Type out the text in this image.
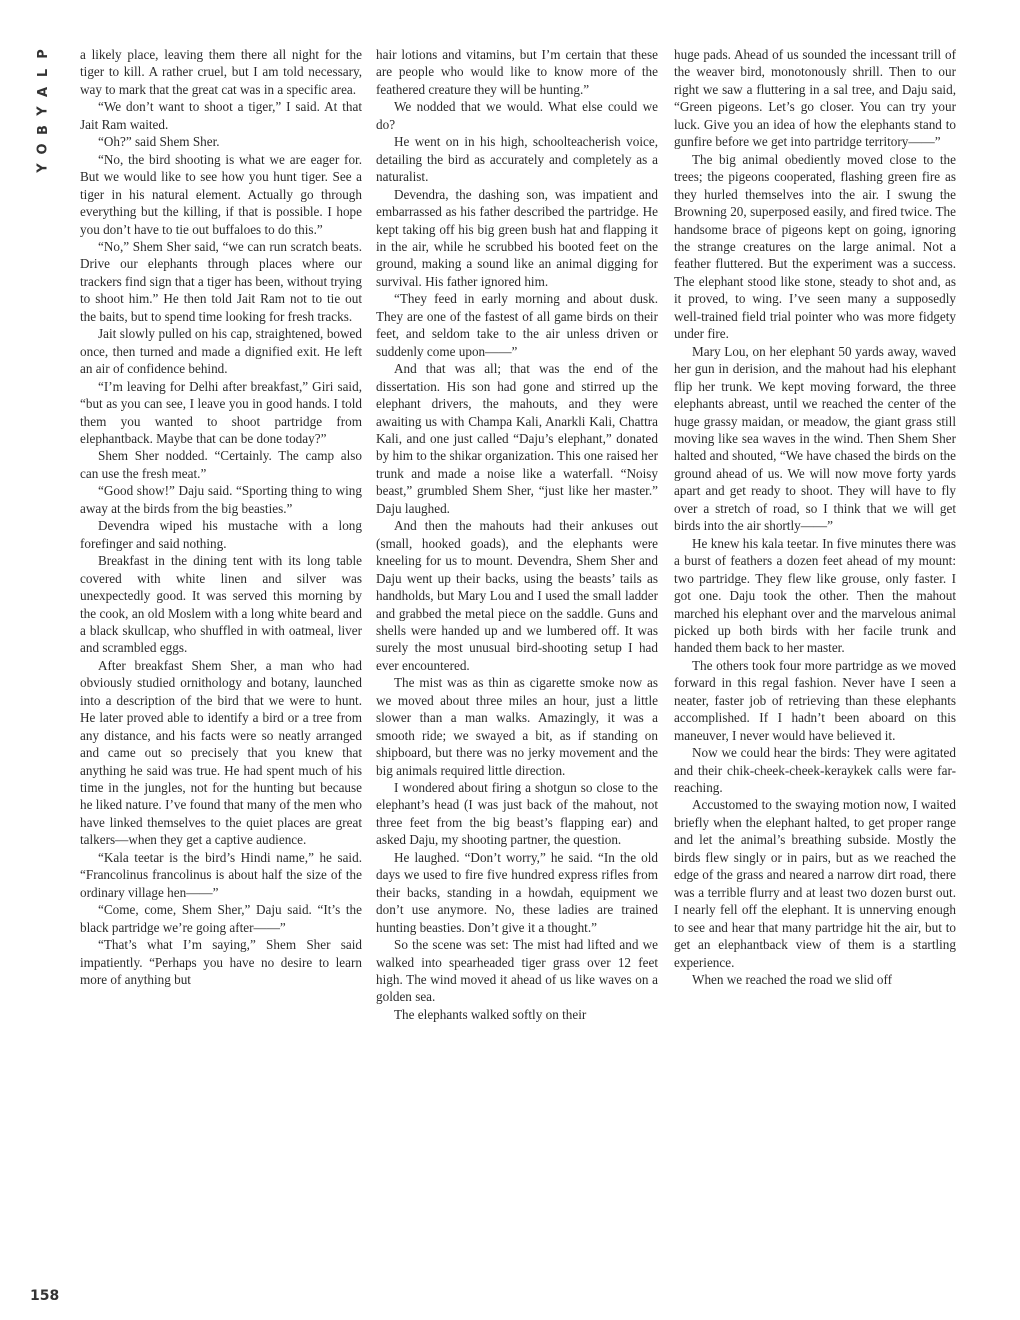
P
L
A
Y
B
O
Y

a likely place, leaving them there all night for the tiger to kill. A rather cruel, but I am told necessary, way to mark that the great cat was in a specific area.

“We don’t want to shoot a tiger,” I said. At that Jait Ram waited.

“Oh?” said Shem Sher.

“No, the bird shooting is what we are eager for. But we would like to see how you hunt tiger. See a tiger in his natural element. Actually go through everything but the killing, if that is possible. I hope you don’t have to tie out buffaloes to do this.”

“No,” Shem Sher said, “we can run scratch beats. Drive our elephants through places where our trackers find sign that a tiger has been, without trying to shoot him.” He then told Jait Ram not to tie out the baits, but to spend time looking for fresh tracks.

Jait slowly pulled on his cap, straightened, bowed once, then turned and made a dignified exit. He left an air of confidence behind.

“I’m leaving for Delhi after breakfast,” Giri said, “but as you can see, I leave you in good hands. I told them you wanted to shoot partridge from elephantback. Maybe that can be done today?”

Shem Sher nodded. “Certainly. The camp also can use the fresh meat.”

“Good show!” Daju said. “Sporting thing to wing away at the birds from the big beasties.”

Devendra wiped his mustache with a long forefinger and said nothing.

Breakfast in the dining tent with its long table covered with white linen and silver was unexpectedly good. It was served this morning by the cook, an old Moslem with a long white beard and a black skullcap, who shuffled in with oatmeal, liver and scrambled eggs.

After breakfast Shem Sher, a man who had obviously studied ornithology and botany, launched into a description of the bird that we were to hunt. He later proved able to identify a bird or a tree from any distance, and his facts were so neatly arranged and came out so precisely that you knew that anything he said was true. He had spent much of his time in the jungles, not for the hunting but because he liked nature. I’ve found that many of the men who have linked themselves to the quiet places are great talkers—when they get a captive audience.

“Kala teetar is the bird’s Hindi name,” he said. “Francolinus francolinus is about half the size of the ordinary village hen——”

“Come, come, Shem Sher,” Daju said. “It’s the black partridge we’re going after——”

“That’s what I’m saying,” Shem Sher said impatiently. “Perhaps you have no desire to learn more of anything but

hair lotions and vitamins, but I’m certain that these are people who would like to know more of the feathered creature they will be hunting.”

We nodded that we would. What else could we do?

He went on in his high, schoolteacherish voice, detailing the bird as accurately and completely as a naturalist.

Devendra, the dashing son, was impatient and embarrassed as his father described the partridge. He kept taking off his big green bush hat and flapping it in the air, while he scrubbed his booted feet on the ground, making a sound like an animal digging for survival. His father ignored him.

“They feed in early morning and about dusk. They are one of the fastest of all game birds on their feet, and seldom take to the air unless driven or suddenly come upon——”

And that was all; that was the end of the dissertation. His son had gone and stirred up the elephant drivers, the mahouts, and they were awaiting us with Champa Kali, Anarkli Kali, Chattra Kali, and one just called “Daju’s elephant,” donated by him to the shikar organization. This one raised her trunk and made a noise like a waterfall. “Noisy beast,” grumbled Shem Sher, “just like her master.” Daju laughed.

And then the mahouts had their ankuses out (small, hooked goads), and the elephants were kneeling for us to mount. Devendra, Shem Sher and Daju went up their backs, using the beasts’ tails as handholds, but Mary Lou and I used the small ladder and grabbed the metal piece on the saddle. Guns and shells were handed up and we lumbered off. It was surely the most unusual bird-shooting setup I had ever encountered.

The mist was as thin as cigarette smoke now as we moved about three miles an hour, just a little slower than a man walks. Amazingly, it was a smooth ride; we swayed a bit, as if standing on shipboard, but there was no jerky movement and the big animals required little direction.

I wondered about firing a shotgun so close to the elephant’s head (I was just back of the mahout, not three feet from the big beast’s flapping ear) and asked Daju, my shooting partner, the question.

He laughed. “Don’t worry,” he said. “In the old days we used to fire five hundred express rifles from their backs, standing in a howdah, equipment we don’t use anymore. No, these ladies are trained hunting beasties. Don’t give it a thought.”

So the scene was set: The mist had lifted and we walked into spearheaded tiger grass over 12 feet high. The wind moved it ahead of us like waves on a golden sea.

The elephants walked softly on their

huge pads. Ahead of us sounded the incessant trill of the weaver bird, monotonously shrill. Then to our right we saw a fluttering in a sal tree, and Daju said, “Green pigeons. Let’s go closer. You can try your luck. Give you an idea of how the elephants stand to gunfire before we get into partridge territory——”

The big animal obediently moved close to the trees; the pigeons cooperated, flashing green fire as they hurled themselves into the air. I swung the Browning 20, superposed easily, and fired twice. The handsome brace of pigeons kept on going, ignoring the strange creatures on the large animal. Not a feather fluttered. But the experiment was a success. The elephant stood like stone, steady to shot and, as it proved, to wing. I’ve seen many a supposedly well-trained field trial pointer who was more fidgety under fire.

Mary Lou, on her elephant 50 yards away, waved her gun in derision, and the mahout had his elephant flip her trunk. We kept moving forward, the three elephants abreast, until we reached the center of the huge grassy maidan, or meadow, the giant grass still moving like sea waves in the wind. Then Shem Sher halted and shouted, “We have chased the birds on the ground ahead of us. We will now move forty yards apart and get ready to shoot. They will have to fly over a stretch of road, so I think that we will get birds into the air shortly——”

He knew his kala teetar. In five minutes there was a burst of feathers a dozen feet ahead of my mount: two partridge. They flew like grouse, only faster. I got one. Daju took the other. Then the mahout marched his elephant over and the marvelous animal picked up both birds with her facile trunk and handed them back to her master.

The others took four more partridge as we moved forward in this regal fashion. Never have I seen a neater, faster job of retrieving than these elephants accomplished. If I hadn’t been aboard on this maneuver, I never would have believed it.

Now we could hear the birds: They were agitated and their chik-cheek-cheek-keraykek calls were far-reaching.

Accustomed to the swaying motion now, I waited briefly when the elephant halted, to get proper range and let the animal’s breathing subside. Mostly the birds flew singly or in pairs, but as we reached the edge of the grass and neared a narrow dirt road, there was a terrible flurry and at least two dozen burst out. I nearly fell off the elephant. It is unnerving enough to see and hear that many partridge hit the air, but to get an elephantback view of them is a startling experience.

When we reached the road we slid off

158
